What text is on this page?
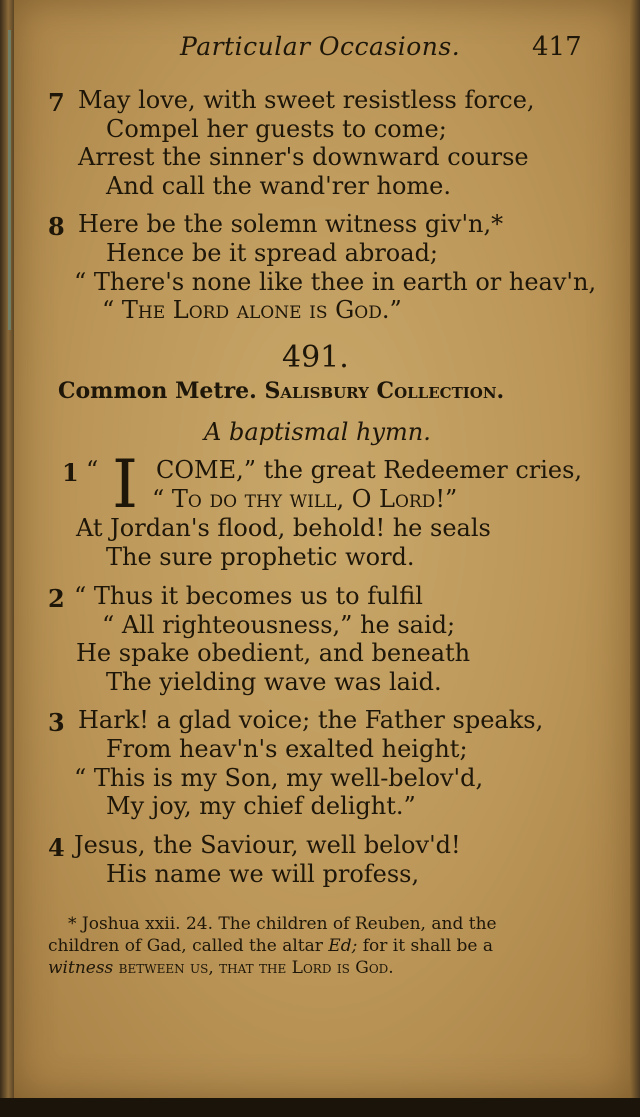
Particular Occasions.	417
7 May love, with sweet resistless force,
Compel her guests to come;
Arrest the sinner's downward course
And call the wand'rer home.
8 Here be the solemn witness giv'n,*
Hence be it spread abroad;
“ There's none like thee in earth or heav'n,
“ The Lord alone is God.”
491.
Common Metre. Salisbury Collection.
A baptismal hymn.
1 “ I COME,” the great Redeemer cries,
“ To do thy will, O Lord!”
At Jordan's flood, behold! he seals
The sure prophetic word.
2 “ Thus it becomes us to fulfil
“ All righteousness,” he said;
He spake obedient, and beneath
The yielding wave was laid.
3 Hark! a glad voice; the Father speaks,
From heav'n's exalted height;
“ This is my Son, my well-belov'd,
My joy, my chief delight.”
4 Jesus, the Saviour, well belov'd!
His name we will profess,
* Joshua xxii. 24. The children of Reuben, and the
children of Gad, called the altar Ed; for it shall be a
witness between us, that the Lord is God.
